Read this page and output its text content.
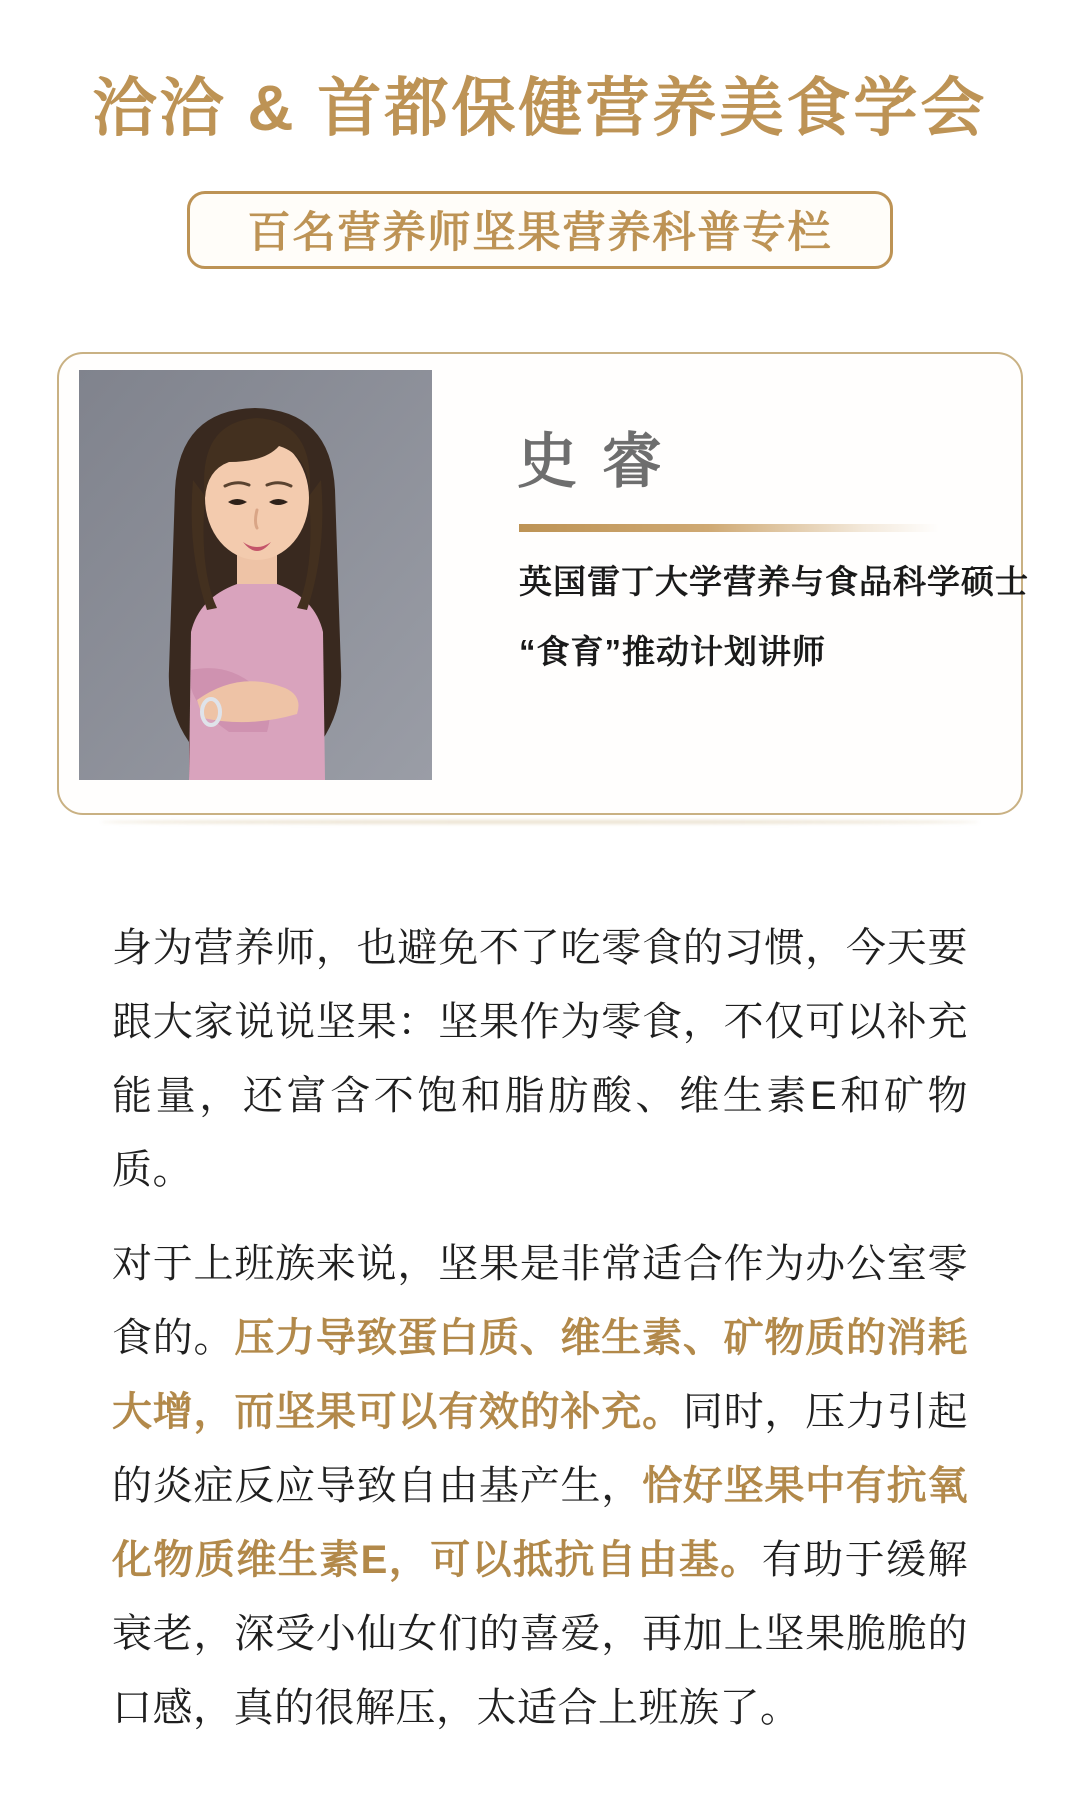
洽洽 & 首都保健营养美食学会
百名营养师坚果营养科普专栏
史 睿
英国雷丁大学营养与食品科学硕士
“食育”推动计划讲师

身为营养师，也避免不了吃零食的习惯，今天要跟大家说说坚果：坚果作为零食，不仅可以补充能量，还富含不饱和脂肪酸、维生素E和矿物质。

对于上班族来说，坚果是非常适合作为办公室零食的。压力导致蛋白质、维生素、矿物质的消耗大增，而坚果可以有效的补充。同时，压力引起的炎症反应导致自由基产生，恰好坚果中有抗氧化物质维生素E，可以抵抗自由基。有助于缓解衰老，深受小仙女们的喜爱，再加上坚果脆脆的口感，真的很解压，太适合上班族了。
